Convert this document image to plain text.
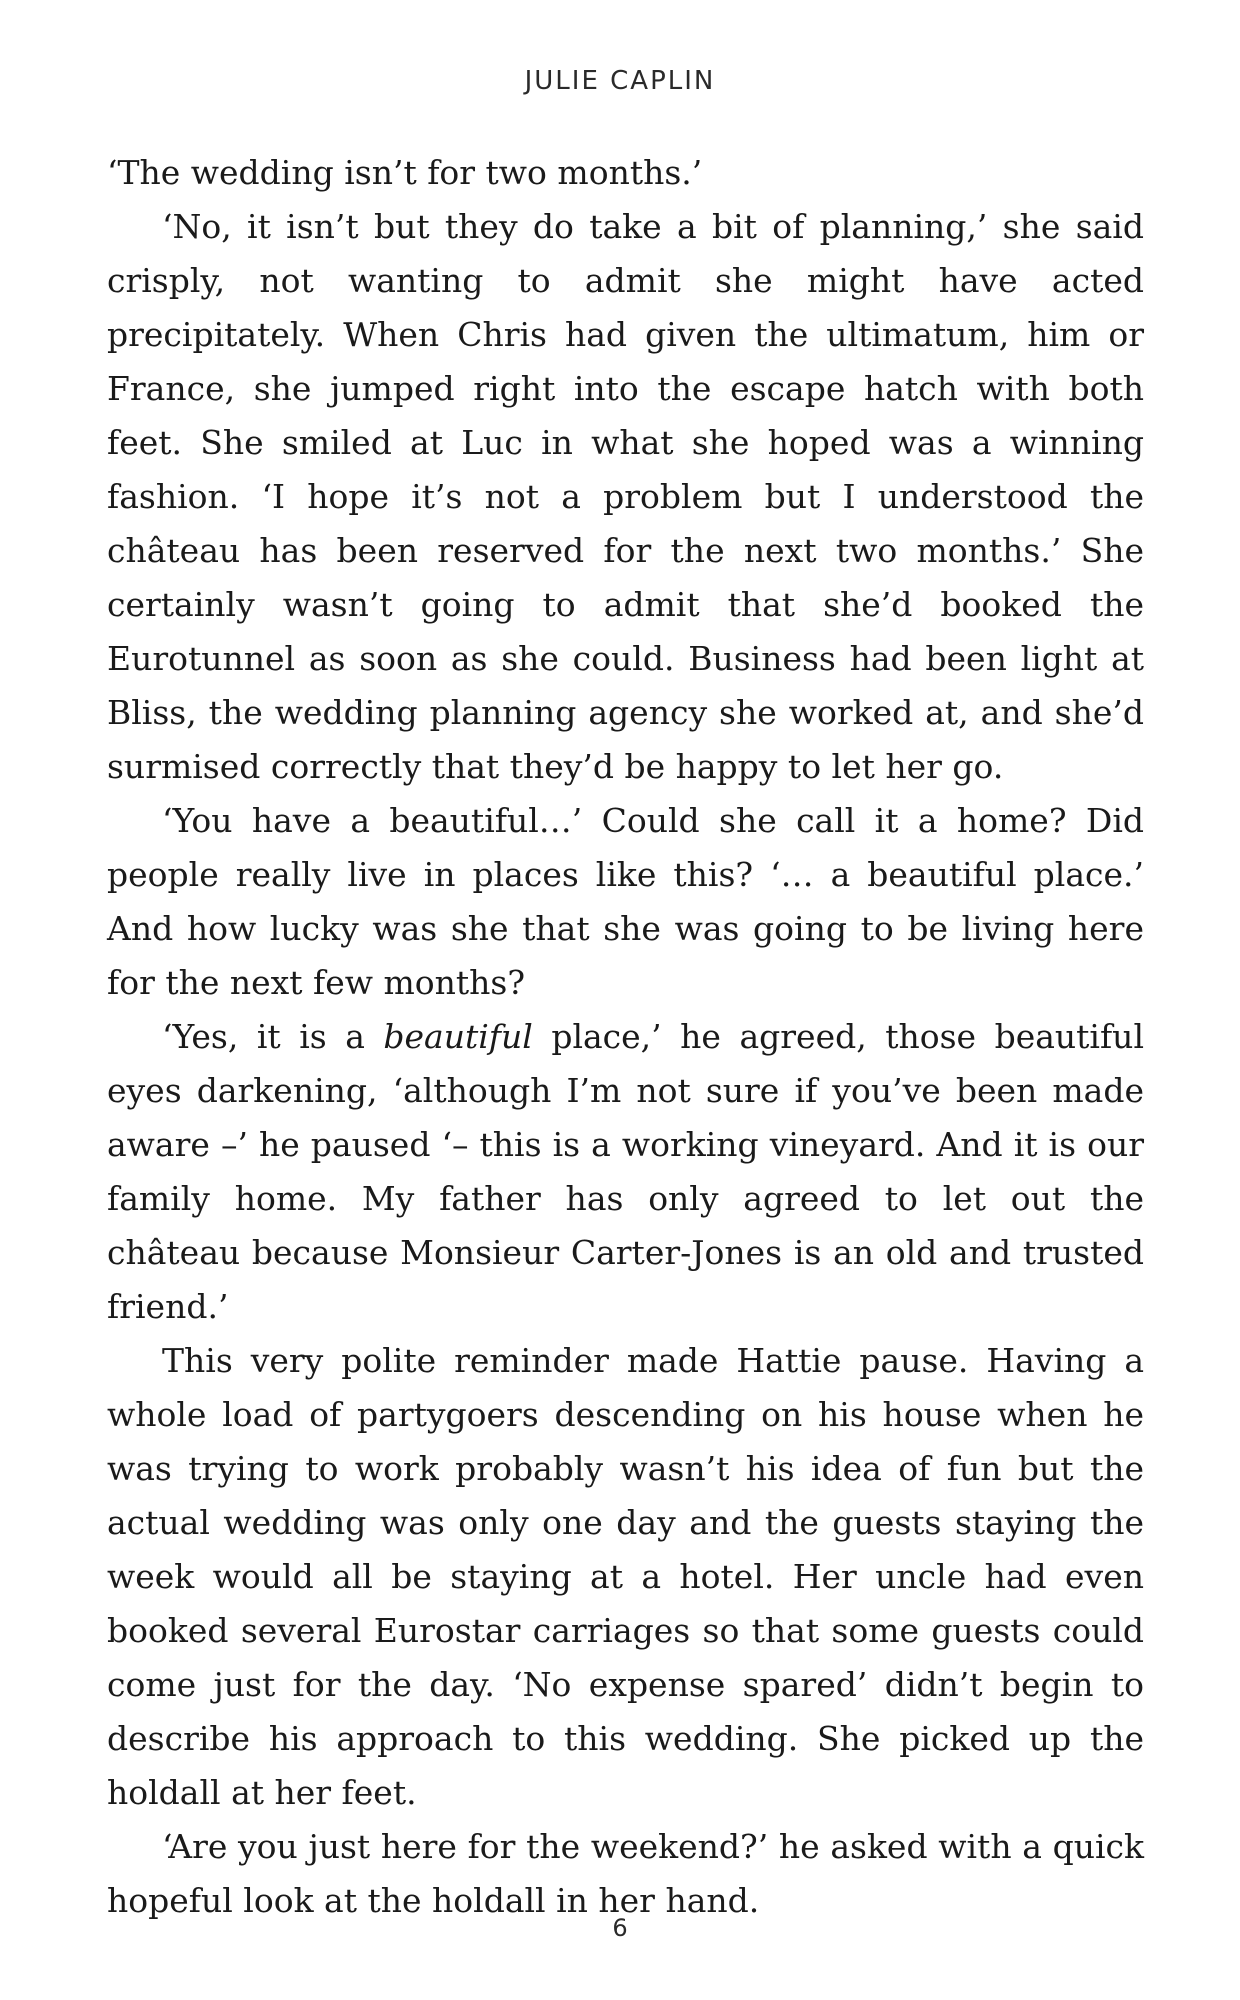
JULIE CAPLIN

‘The wedding isn’t for two months.’

‘No, it isn’t but they do take a bit of planning,’ she said crisply, not wanting to admit she might have acted precipitately. When Chris had given the ultimatum, him or France, she jumped right into the escape hatch with both feet. She smiled at Luc in what she hoped was a winning fashion. ‘I hope it’s not a problem but I understood the château has been reserved for the next two months.’ She certainly wasn’t going to admit that she’d booked the Eurotunnel as soon as she could. Business had been light at Bliss, the wedding planning agency she worked at, and she’d surmised correctly that they’d be happy to let her go.

‘You have a beautiful…’ Could she call it a home? Did people really live in places like this? ‘… a beautiful place.’ And how lucky was she that she was going to be living here for the next few months?

‘Yes, it is a beautiful place,’ he agreed, those beautiful eyes darkening, ‘although I’m not sure if you’ve been made aware –’ he paused ‘– this is a working vineyard. And it is our family home. My father has only agreed to let out the château because Monsieur Carter-Jones is an old and trusted friend.’

This very polite reminder made Hattie pause. Having a whole load of partygoers descending on his house when he was trying to work probably wasn’t his idea of fun but the actual wedding was only one day and the guests staying the week would all be staying at a hotel. Her uncle had even booked several Eurostar carriages so that some guests could come just for the day. ‘No expense spared’ didn’t begin to describe his approach to this wedding. She picked up the holdall at her feet.

‘Are you just here for the weekend?’ he asked with a quick hopeful look at the holdall in her hand.

6
